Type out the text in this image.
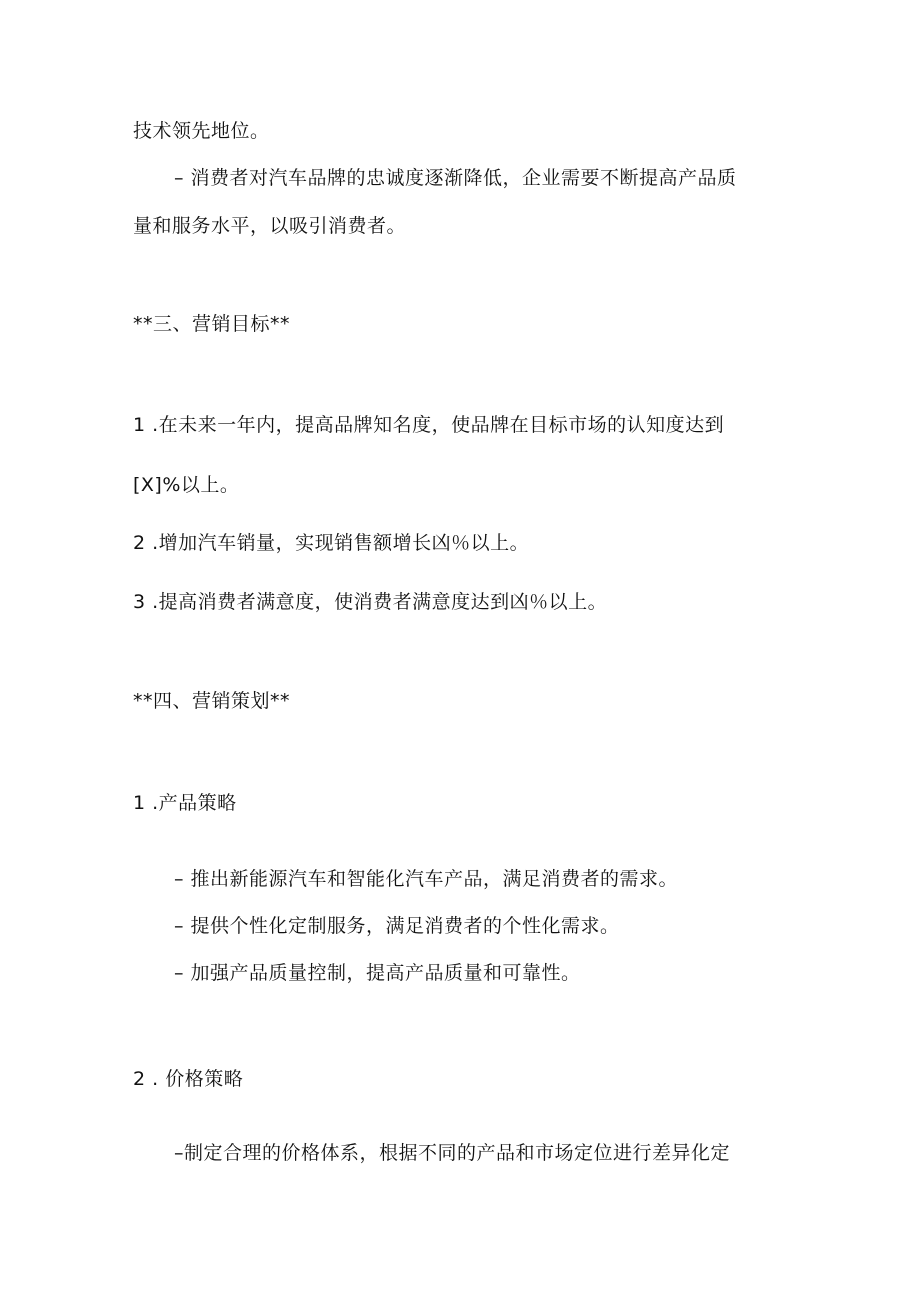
技术领先地位。
– 消费者对汽车品牌的忠诚度逐渐降低，企业需要不断提高产品质
量和服务水平，以吸引消费者。
**三、营销目标**
1 .在未来一年内，提高品牌知名度，使品牌在目标市场的认知度达到
[X]%以上。
2 .增加汽车销量，实现销售额增长凶％以上。
3 .提高消费者满意度，使消费者满意度达到凶％以上。
**四、营销策划**
1 .产品策略
– 推出新能源汽车和智能化汽车产品，满足消费者的需求。
– 提供个性化定制服务，满足消费者的个性化需求。
– 加强产品质量控制，提高产品质量和可靠性。
2 . 价格策略
–制定合理的价格体系，根据不同的产品和市场定位进行差异化定
